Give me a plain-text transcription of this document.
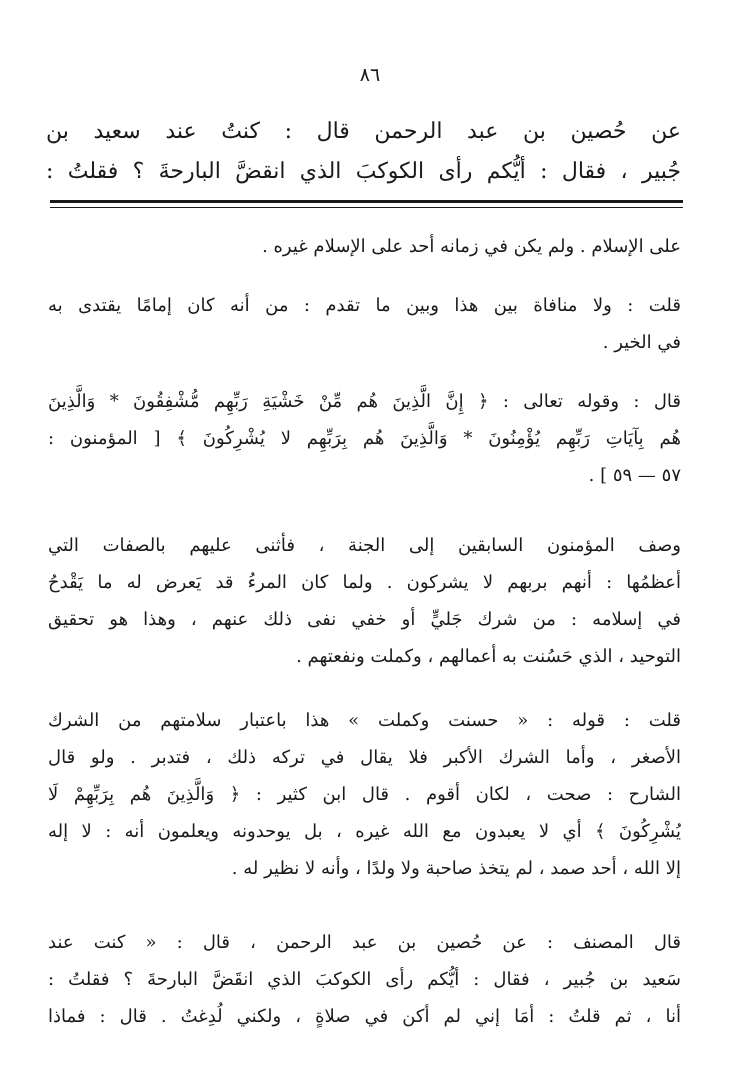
٨٦
عن حُصين بن عبد الرحمن قال : كنتُ عند سعيد بن
جُبير ، فقال : أيُّكم رأى الكوكبَ الذي انقضَّ البارحةَ ؟ فقلتُ :
على الإسلام . ولم يكن في زمانه أحد على الإسلام غيره .
قلت : ولا منافاة بين هذا وبين ما تقدم : من أنه كان إمامًا يقتدى به
في الخير .
قال : وقوله تعالى : ﴿ إِنَّ الَّذِينَ هُم مِّنْ خَشْيَةِ رَبِّهِم مُّشْفِقُونَ * وَالَّذِينَ
هُم بِآيَاتِ رَبِّهِم يُؤْمِنُونَ * وَالَّذِينَ هُم بِرَبِّهِم لا يُشْرِكُونَ ﴾ [ المؤمنون :
٥٧ — ٥٩ ] .
وصف المؤمنون السابقين إلى الجنة ، فأثنى عليهم بالصفات التي
أعظمُها : أنهم بربهم لا يشركون . ولما كان المرءُ قد يَعرض له ما يَقْدحُ
في إسلامه : من شرك جَليٍّ أو خفي نفى ذلك عنهم ، وهذا هو تحقيق
التوحيد ، الذي حَسُنت به أعمالهم ، وكملت ونفعتهم .
قلت : قوله : « حسنت وكملت » هذا باعتبار سلامتهم من الشرك
الأصغر ، وأما الشرك الأكبر فلا يقال في تركه ذلك ، فتدبر . ولو قال
الشارح : صحت ، لكان أقوم . قال ابن كثير : ﴿ وَالَّذِينَ هُم بِرَبِّهِمْ لَا
يُشْرِكُونَ ﴾ أي لا يعبدون مع الله غيره ، بل يوحدونه ويعلمون أنه : لا إله
إلا الله ، أحد صمد ، لم يتخذ صاحبة ولا ولدًا ، وأنه لا نظير له .
قال المصنف : عن حُصين بن عبد الرحمن ، قال : « كنت عند
سَعيد بن جُبير ، فقال : أيُّكم رأى الكوكبَ الذي انقَضَّ البارحةَ ؟ فقلتُ :
أنا ، ثم قلتُ : أمَا إني لم أكن في صلاةٍ ، ولكني لُدِغتُ . قال : فماذا
